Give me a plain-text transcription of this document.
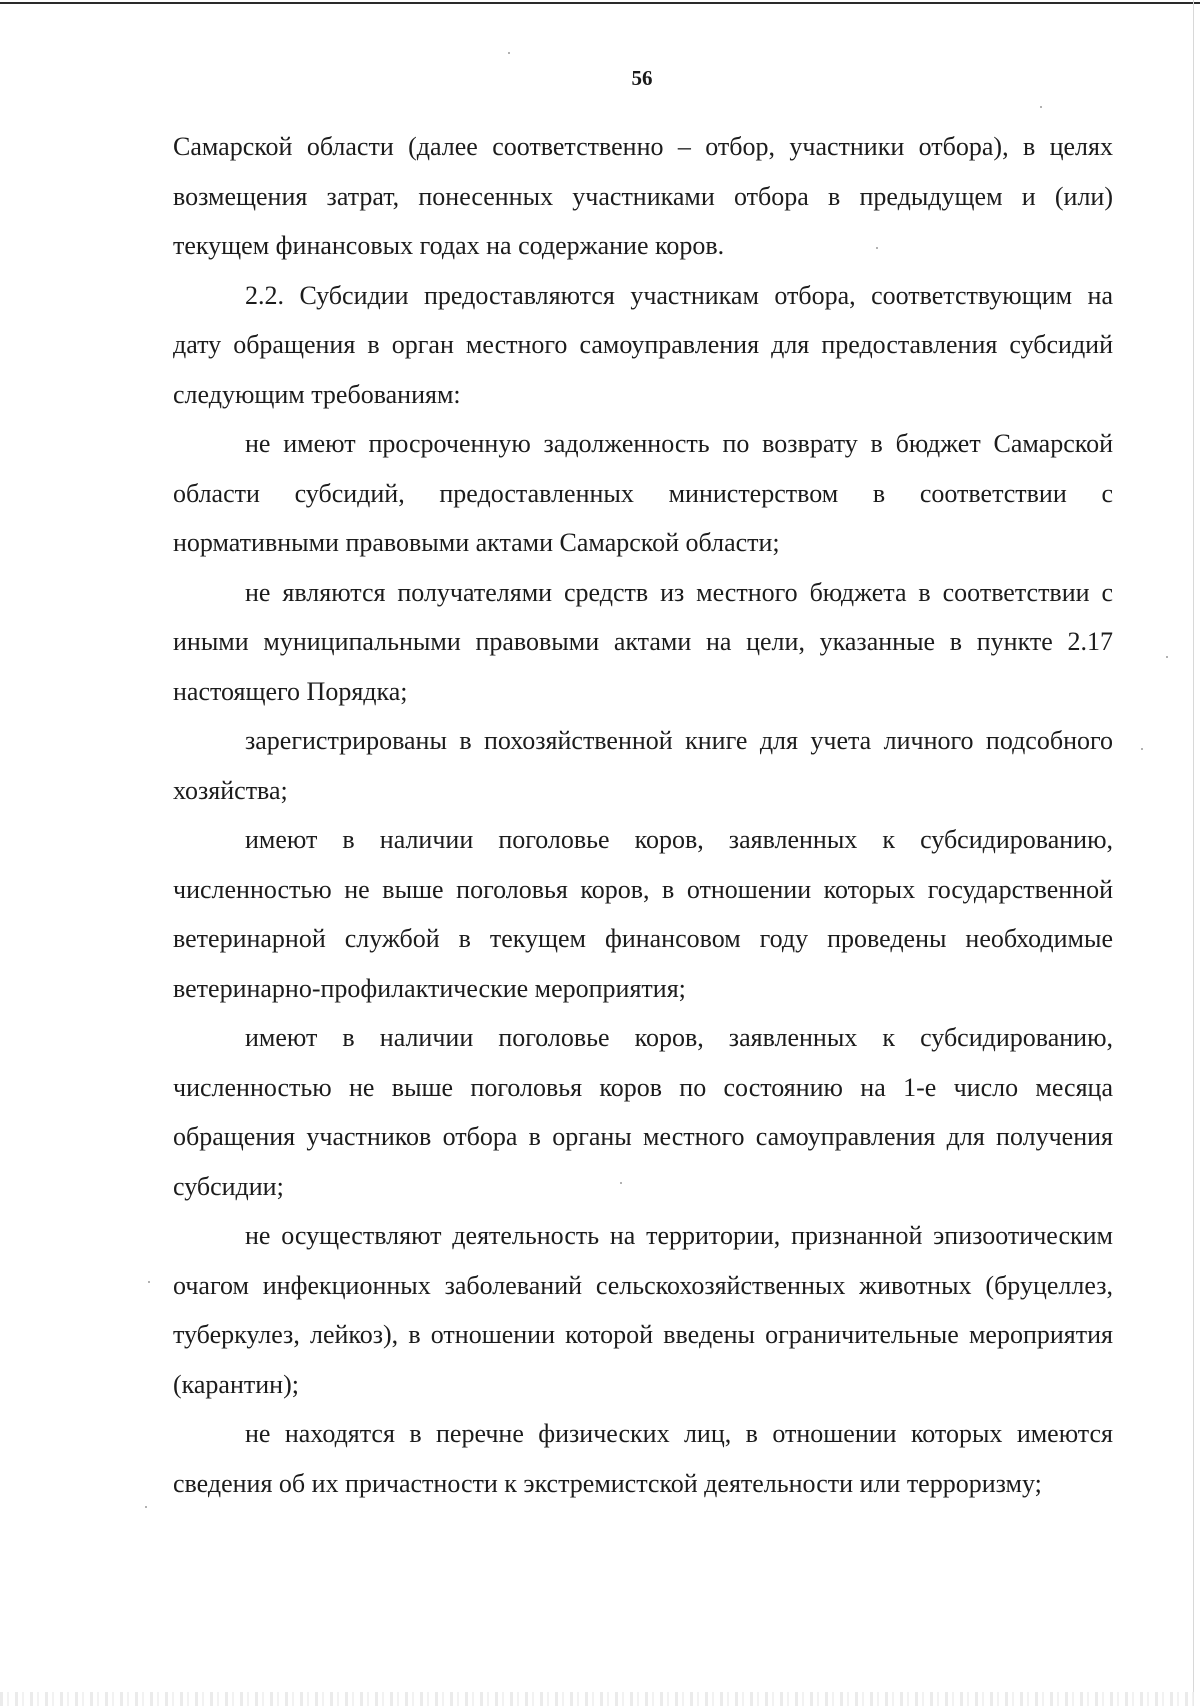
56

Самарской области (далее соответственно – отбор, участники отбора), в целях возмещения затрат, понесенных участниками отбора в предыдущем и (или) текущем финансовых годах на содержание коров.

2.2. Субсидии предоставляются участникам отбора, соответствующим на дату обращения в орган местного самоуправления для предоставления субсидий следующим требованиям:

не имеют просроченную задолженность по возврату в бюджет Самарской области субсидий, предоставленных министерством в соответствии с нормативными правовыми актами Самарской области;

не являются получателями средств из местного бюджета в соответствии с иными муниципальными правовыми актами на цели, указанные в пункте 2.17 настоящего Порядка;

зарегистрированы в похозяйственной книге для учета личного подсобного хозяйства;

имеют в наличии поголовье коров, заявленных к субсидированию, численностью не выше поголовья коров, в отношении которых государственной ветеринарной службой в текущем финансовом году проведены необходимые ветеринарно-профилактические мероприятия;

имеют в наличии поголовье коров, заявленных к субсидированию, численностью не выше поголовья коров по состоянию на 1-е число месяца обращения участников отбора в органы местного самоуправления для получения субсидии;

не осуществляют деятельность на территории, признанной эпизоотическим очагом инфекционных заболеваний сельскохозяйственных животных (бруцеллез, туберкулез, лейкоз), в отношении которой введены ограничительные мероприятия (карантин);

не находятся в перечне физических лиц, в отношении которых имеются сведения об их причастности к экстремистской деятельности или терроризму;
